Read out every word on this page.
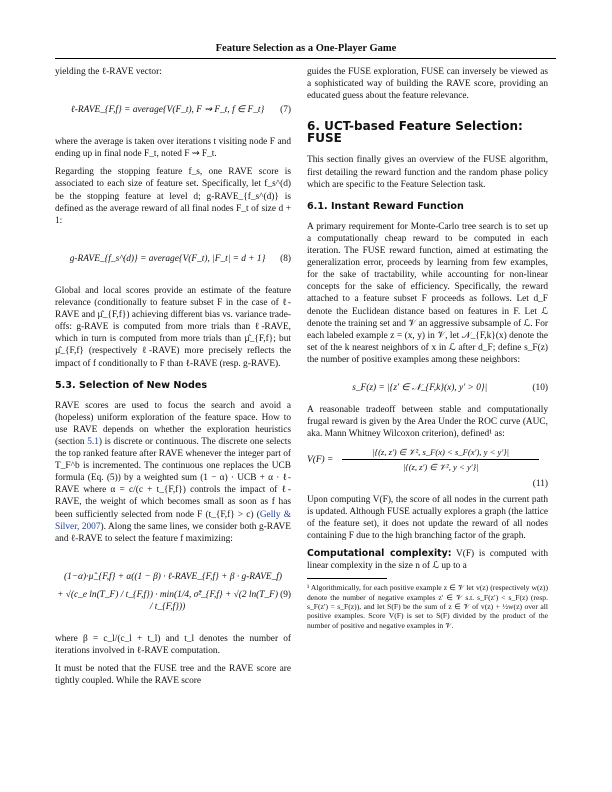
Feature Selection as a One-Player Game

yielding the ℓ-RAVE vector:

ℓ-RAVE_{F,f} = average{V(F_t), F ⇝ F_t, f ∈ F_t}	(7)

where the average is taken over iterations t visiting node F and ending up in final node F_t, noted F ⇝ F_t.

Regarding the stopping feature f_s, one RAVE score is associated to each size of feature set. Specifically, let f_s^(d) be the stopping feature at level d; g-RAVE_{f_s^(d)} is defined as the average reward of all final nodes F_t of size d + 1:

g-RAVE_{f_s^(d)} = average{V(F_t), |F_t| = d + 1}	(8)

Global and local scores provide an estimate of the feature relevance (conditionally to feature subset F in the case of ℓ-RAVE and µ̂_{F,f}) achieving different bias vs. variance trade-offs: g-RAVE is computed from more trials than ℓ-RAVE, which in turn is computed from more trials than µ̂_{F,f}; but µ̂_{F,f} (respectively ℓ-RAVE) more precisely reflects the impact of f conditionally to F than ℓ-RAVE (resp. g-RAVE).

5.3. Selection of New Nodes

RAVE scores are used to focus the search and avoid a (hopeless) uniform exploration of the feature space. How to use RAVE depends on whether the exploration heuristics (section 5.1) is discrete or continuous. The discrete one selects the top ranked feature after RAVE whenever the integer part of T_F^b is incremented. The continuous one replaces the UCB formula (Eq. (5)) by a weighted sum (1 − α) · UCB + α · ℓ-RAVE where α = c/(c + t_{F,f}) controls the impact of ℓ-RAVE, the weight of which becomes small as soon as f has been sufficiently selected from node F (t_{F,f} > c) (Gelly & Silver, 2007). Along the same lines, we consider both g-RAVE and ℓ-RAVE to select the feature f maximizing:

(1−α)·µ̂_{F,f} + α((1 − β) · ℓ-RAVE_{F,f} + β · g-RAVE_f)
+ √(c_e ln(T_F) / t_{F,f}) · min(1/4, σ̂²_{F,f} + √(2 ln(T_F) / t_{F,f}))
(9)

where β = c_l/(c_l + t_l) and t_l denotes the number of iterations involved in ℓ-RAVE computation.

It must be noted that the FUSE tree and the RAVE score are tightly coupled. While the RAVE score

guides the FUSE exploration, FUSE can inversely be viewed as a sophisticated way of building the RAVE score, providing an educated guess about the feature relevance.

6. UCT-based Feature Selection: FUSE

This section finally gives an overview of the FUSE algorithm, first detailing the reward function and the random phase policy which are specific to the Feature Selection task.

6.1. Instant Reward Function

A primary requirement for Monte-Carlo tree search is to set up a computationally cheap reward to be computed in each iteration. The FUSE reward function, aimed at estimating the generalization error, proceeds by learning from few examples, for the sake of tractability, while accounting for non-linear concepts for the sake of efficiency. Specifically, the reward attached to a feature subset F proceeds as follows. Let d_F denote the Euclidean distance based on features in F. Let ℒ denote the training set and 𝒱 an aggressive subsample of ℒ. For each labeled example z = (x, y) in 𝒱, let 𝒩_{F,k}(x) denote the set of the k nearest neighbors of x in ℒ after d_F; define s_F(z) the number of positive examples among these neighbors:

s_F(z) = |{z′ ∈ 𝒩_{F,k}(x), y′ > 0}|	(10)

A reasonable tradeoff between stable and computationally frugal reward is given by the Area Under the ROC curve (AUC, aka. Mann Whitney Wilcoxon criterion), defined¹ as:

V(F) =
|{(z, z′) ∈ 𝒱², s_F(x) < s_F(x′), y < y′}|
|{(z, z′) ∈ 𝒱², y < y′}|
(11)

Upon computing V(F), the score of all nodes in the current path is updated. Although FUSE actually explores a graph (the lattice of the feature set), it does not update the reward of all nodes containing F due to the high branching factor of the graph.

Computational complexity: V(F) is computed with linear complexity in the size n of ℒ up to a

¹ Algorithmically, for each positive example z ∈ 𝒱 let v(z) (respectively w(z)) denote the number of negative examples z′ ∈ 𝒱 s.t. s_F(z′) < s_F(z) (resp. s_F(z′) = s_F(z)), and let S(F) be the sum of z ∈ 𝒱 of v(z) + ½w(z) over all positive examples. Score V(F) is set to S(F) divided by the product of the number of positive and negative examples in 𝒱.
